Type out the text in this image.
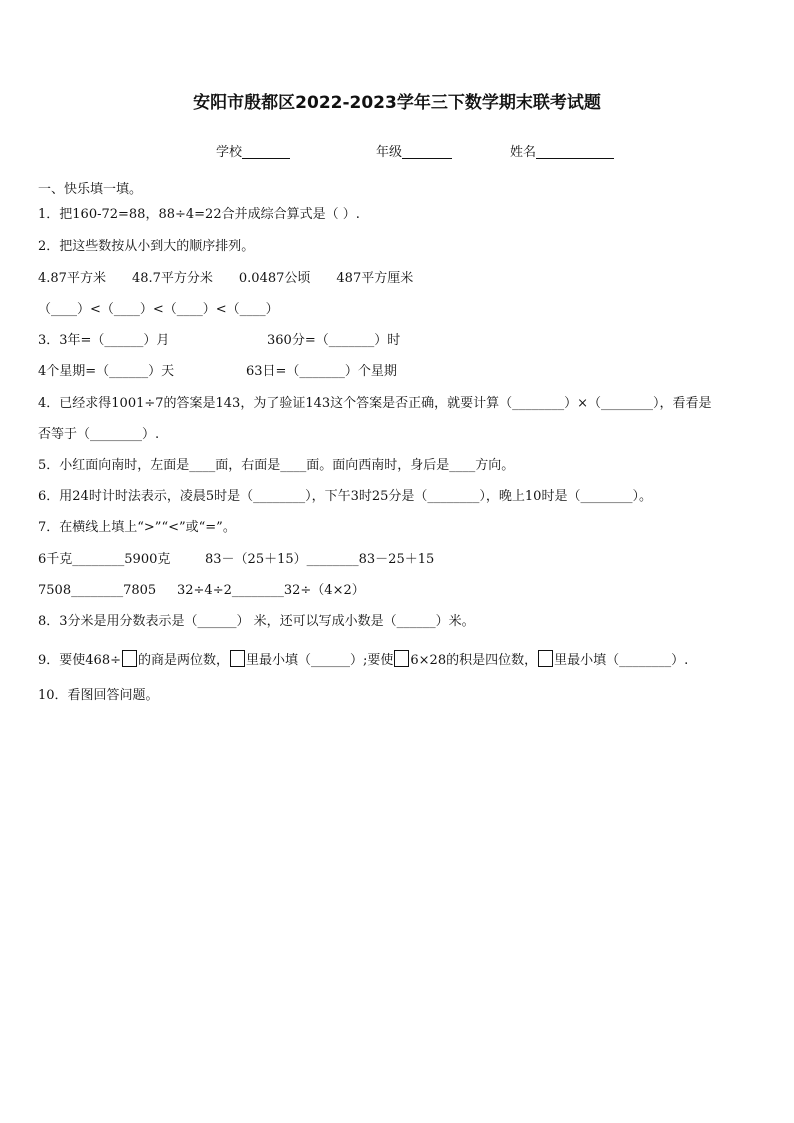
安阳市殷都区2022-2023学年三下数学期末联考试题
学校	年级	姓名
一、快乐填一填。
1．把160-72=88，88÷4=22合并成综合算式是（ ）.
2．把这些数按从小到大的顺序排列。
4.87平方米 48.7平方分米 0.0487公顷 487平方厘米
（____）<（____）<（____）<（____）
3．3年=（______）月	360分=（_______）时
4个星期=（______）天	63日=（_______）个星期
4．已经求得1001÷7的答案是143，为了验证143这个答案是否正确，就要计算（________）×（________），看看是
否等于（________）.
5．小红面向南时，左面是____面，右面是____面。面向西南时，身后是____方向。
6．用24时计时法表示，凌晨5时是（________），下午3时25分是（________），晚上10时是（________）。
7．在横线上填上“>”“<”或“=”。
6千克________5900克	83－（25＋15）________83－25＋15
7508________7805 32÷4÷2________32÷（4×2）
8．3分米是用分数表示是（______） 米，还可以写成小数是（______）米。
9．要使468÷ 的商是两位数， 里最小填（______）;要使 6×28的积是四位数， 里最小填（________）.
10．看图回答问题。
